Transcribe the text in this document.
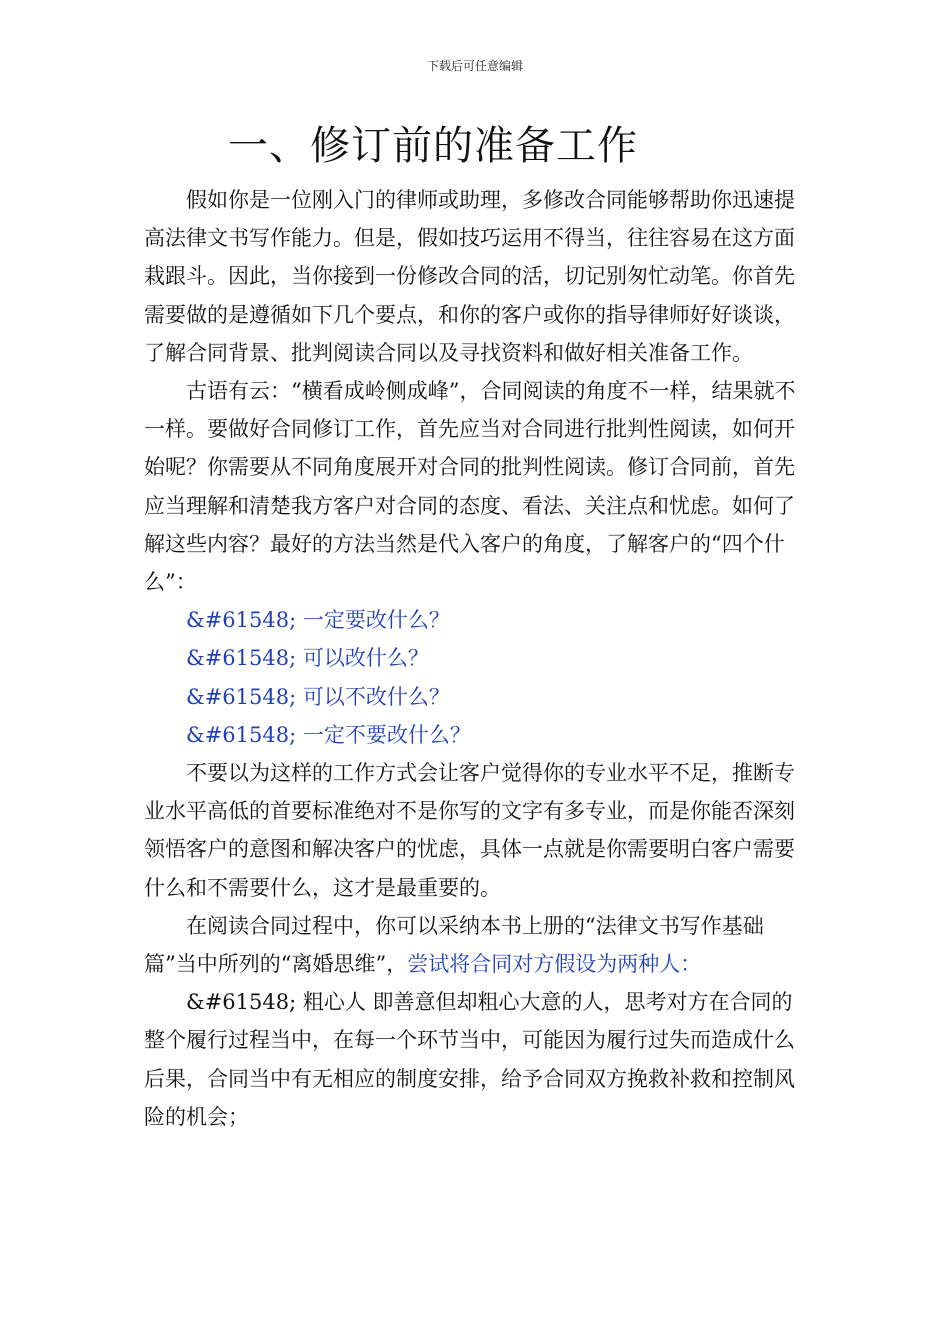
下载后可任意编辑
一、修订前的准备工作

假如你是一位刚入门的律师或助理，多修改合同能够帮助你迅速提高法律文书写作能力。但是，假如技巧运用不得当，往往容易在这方面栽跟斗。因此，当你接到一份修改合同的活，切记别匆忙动笔。你首先需要做的是遵循如下几个要点，和你的客户或你的指导律师好好谈谈，了解合同背景、批判阅读合同以及寻找资料和做好相关准备工作。

古语有云：“横看成岭侧成峰”，合同阅读的角度不一样，结果就不一样。要做好合同修订工作，首先应当对合同进行批判性阅读，如何开始呢？你需要从不同角度展开对合同的批判性阅读。修订合同前，首先应当理解和清楚我方客户对合同的态度、看法、关注点和忧虑。如何了解这些内容？最好的方法当然是代入客户的角度，了解客户的“四个什么”：

&#61548; 一定要改什么？

&#61548; 可以改什么？

&#61548; 可以不改什么？

&#61548; 一定不要改什么？

不要以为这样的工作方式会让客户觉得你的专业水平不足，推断专业水平高低的首要标准绝对不是你写的文字有多专业，而是你能否深刻领悟客户的意图和解决客户的忧虑，具体一点就是你需要明白客户需要什么和不需要什么，这才是最重要的。

在阅读合同过程中，你可以采纳本书上册的“法律文书写作基础篇”当中所列的“离婚思维”，尝试将合同对方假设为两种人：

&#61548; 粗心人 即善意但却粗心大意的人，思考对方在合同的整个履行过程当中，在每一个环节当中，可能因为履行过失而造成什么后果，合同当中有无相应的制度安排，给予合同双方挽救补救和控制风险的机会；
